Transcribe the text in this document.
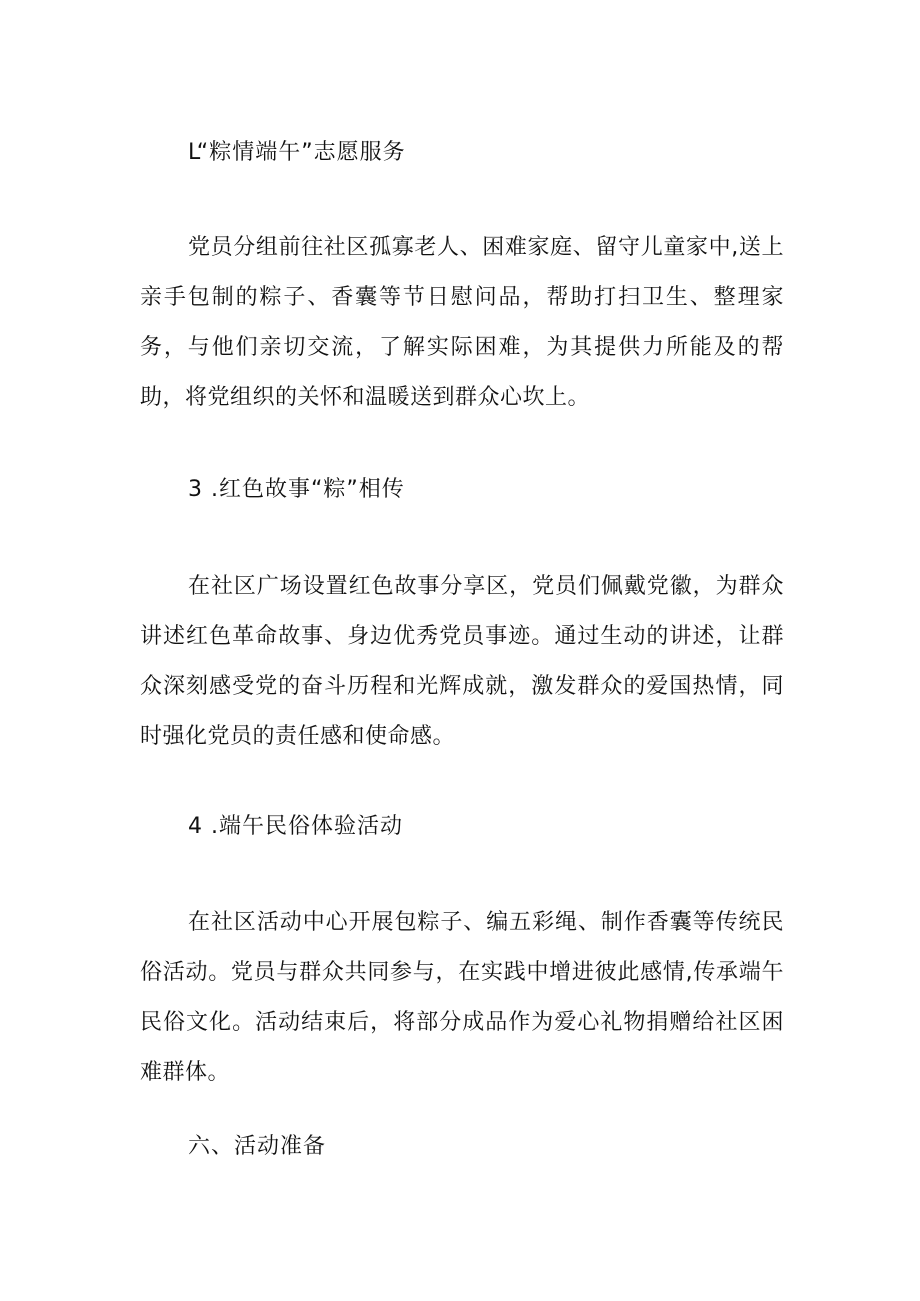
L“粽情端午”志愿服务
党员分组前往社区孤寡老人、困难家庭、留守儿童家中,送上亲手包制的粽子、香囊等节日慰问品，帮助打扫卫生、整理家务，与他们亲切交流，了解实际困难，为其提供力所能及的帮助，将党组织的关怀和温暖送到群众心坎上。
3 .红色故事“粽”相传
在社区广场设置红色故事分享区，党员们佩戴党徽，为群众讲述红色革命故事、身边优秀党员事迹。通过生动的讲述，让群众深刻感受党的奋斗历程和光辉成就，激发群众的爱国热情，同时强化党员的责任感和使命感。
4 .端午民俗体验活动
在社区活动中心开展包粽子、编五彩绳、制作香囊等传统民俗活动。党员与群众共同参与，在实践中增进彼此感情,传承端午民俗文化。活动结束后，将部分成品作为爱心礼物捐赠给社区困难群体。
六、活动准备
